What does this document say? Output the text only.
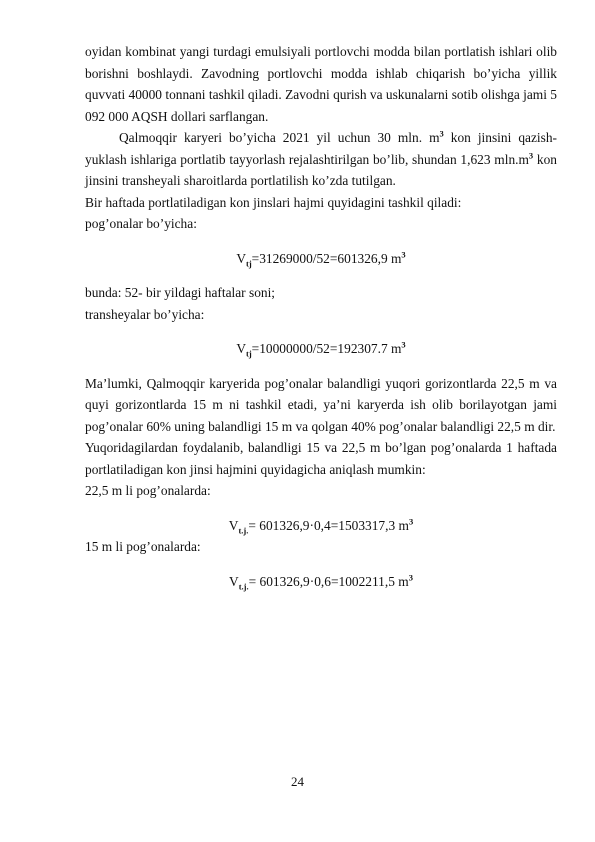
oyidan kombinat yangi turdagi emulsiyali portlovchi modda bilan portlatish ishlari olib borishni boshlaydi. Zavodning portlovchi modda ishlab chiqarish bo’yicha yillik quvvati 40000 tonnani tashkil qiladi. Zavodni qurish va uskunalarni sotib olishga jami 5 092 000 AQSH dollari sarflangan.

Qalmoqqir karyeri bo’yicha 2021 yil uchun 30 mln. $m^3$ kon jinsini qazish-yuklash ishlariga portlatib tayyorlash rejalashtirilgan bo’lib, shundan 1,623 $mln.m^3$ kon jinsini transheyali sharoitlarda portlatilish ko’zda tutilgan.

Bir haftada portlatiladigan kon jinslari hajmi quyidagini tashkil qiladi:

pog’onalar bo’yicha:

$V_{tj}=31269000/52=601326,9$ $m^3$

bunda: 52- bir yildagi haftalar soni;

transheyalar bo’yicha:

$V_{tj}=10000000/52=192307.7$ $m^3$

Ma’lumki, Qalmoqqir karyerida pog’onalar balandligi yuqori gorizontlarda 22,5 m va quyi gorizontlarda 15 m ni tashkil etadi, ya’ni karyerda ish olib borilayotgan jami pog’onalar 60% uning balandligi 15 m va qolgan 40% pog’onalar balandligi 22,5 m dir.

Yuqoridagilardan foydalanib, balandligi 15 va 22,5 m bo’lgan pog’onalarda 1 haftada portlatiladigan kon jinsi hajmini quyidagicha aniqlash mumkin:

22,5 m li pog’onalarda:

$V_{t.j.}= 601326,9\cdot 0,4=1503317,3$ $m^3$

15 m li pog’onalarda:

$V_{t.j.}= 601326,9\cdot 0,6=1002211,5$ $m^3$

24
